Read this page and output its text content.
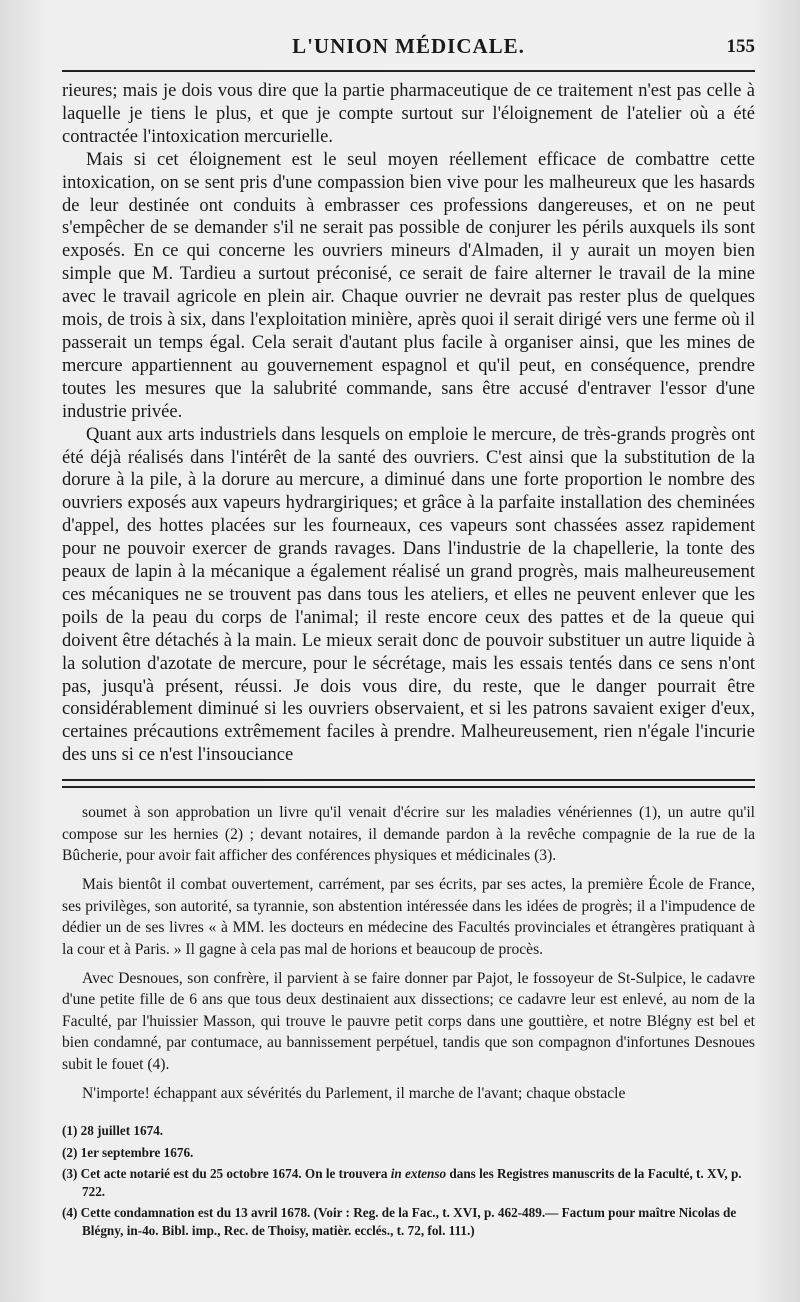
L'UNION MÉDICALE.	155

rieures; mais je dois vous dire que la partie pharmaceutique de ce traitement n'est pas celle à laquelle je tiens le plus, et que je compte surtout sur l'éloignement de l'atelier où a été contractée l'intoxication mercurielle.

Mais si cet éloignement est le seul moyen réellement efficace de combattre cette intoxication, on se sent pris d'une compassion bien vive pour les malheureux que les hasards de leur destinée ont conduits à embrasser ces professions dangereuses, et on ne peut s'empêcher de se demander s'il ne serait pas possible de conjurer les périls auxquels ils sont exposés. En ce qui concerne les ouvriers mineurs d'Almaden, il y aurait un moyen bien simple que M. Tardieu a surtout préconisé, ce serait de faire alterner le travail de la mine avec le travail agricole en plein air. Chaque ouvrier ne devrait pas rester plus de quelques mois, de trois à six, dans l'exploitation minière, après quoi il serait dirigé vers une ferme où il passerait un temps égal. Cela serait d'autant plus facile à organiser ainsi, que les mines de mercure appartiennent au gouvernement espagnol et qu'il peut, en conséquence, prendre toutes les mesures que la salubrité commande, sans être accusé d'entraver l'essor d'une industrie privée.

Quant aux arts industriels dans lesquels on emploie le mercure, de très-grands progrès ont été déjà réalisés dans l'intérêt de la santé des ouvriers. C'est ainsi que la substitution de la dorure à la pile, à la dorure au mercure, a diminué dans une forte proportion le nombre des ouvriers exposés aux vapeurs hydrargiriques; et grâce à la parfaite installation des cheminées d'appel, des hottes placées sur les fourneaux, ces vapeurs sont chassées assez rapidement pour ne pouvoir exercer de grands ravages. Dans l'industrie de la chapellerie, la tonte des peaux de lapin à la mécanique a également réalisé un grand progrès, mais malheureusement ces mécaniques ne se trouvent pas dans tous les ateliers, et elles ne peuvent enlever que les poils de la peau du corps de l'animal; il reste encore ceux des pattes et de la queue qui doivent être détachés à la main. Le mieux serait donc de pouvoir substituer un autre liquide à la solution d'azotate de mercure, pour le sécrétage, mais les essais tentés dans ce sens n'ont pas, jusqu'à présent, réussi. Je dois vous dire, du reste, que le danger pourrait être considérablement diminué si les ouvriers observaient, et si les patrons savaient exiger d'eux, certaines précautions extrêmement faciles à prendre. Malheureusement, rien n'égale l'incurie des uns si ce n'est l'insouciance

soumet à son approbation un livre qu'il venait d'écrire sur les maladies vénériennes (1), un autre qu'il compose sur les hernies (2) ; devant notaires, il demande pardon à la revêche compagnie de la rue de la Bûcherie, pour avoir fait afficher des conférences physiques et médicinales (3).

Mais bientôt il combat ouvertement, carrément, par ses écrits, par ses actes, la première École de France, ses privilèges, son autorité, sa tyrannie, son abstention intéressée dans les idées de progrès; il a l'impudence de dédier un de ses livres « à MM. les docteurs en médecine des Facultés provinciales et étrangères pratiquant à la cour et à Paris. » Il gagne à cela pas mal de horions et beaucoup de procès.

Avec Desnoues, son confrère, il parvient à se faire donner par Pajot, le fossoyeur de St-Sulpice, le cadavre d'une petite fille de 6 ans que tous deux destinaient aux dissections; ce cadavre leur est enlevé, au nom de la Faculté, par l'huissier Masson, qui trouve le pauvre petit corps dans une gouttière, et notre Blégny est bel et bien condamné, par contumace, au bannissement perpétuel, tandis que son compagnon d'infortunes Desnoues subit le fouet (4).

N'importe! échappant aux sévérités du Parlement, il marche de l'avant; chaque obstacle

(1) 28 juillet 1674.

(2) 1er septembre 1676.

(3) Cet acte notarié est du 25 octobre 1674. On le trouvera in extenso dans les Registres manuscrits de la Faculté, t. XV, p. 722.

(4) Cette condamnation est du 13 avril 1678. (Voir : Reg. de la Fac., t. XVI, p. 462-489.— Factum pour maître Nicolas de Blégny, in-4o. Bibl. imp., Rec. de Thoisy, matièr. ecclés., t. 72, fol. 111.)
